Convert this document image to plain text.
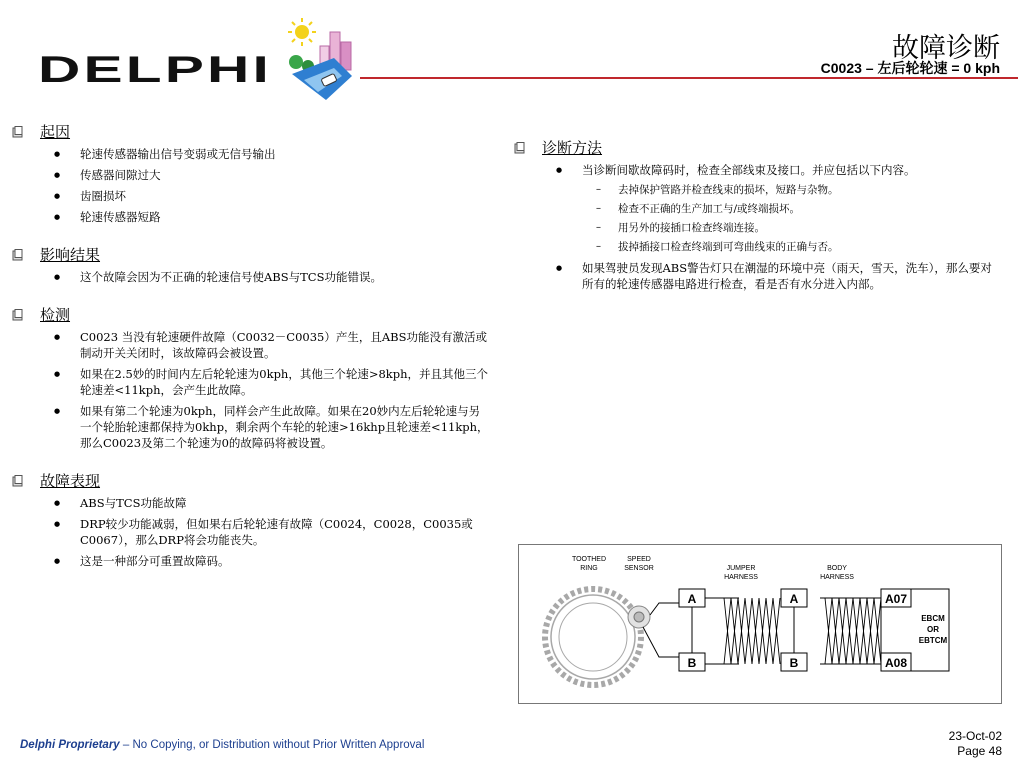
DELPHI
故障诊断
C0023 – 左后轮轮速 = 0 kph
起因
● 轮速传感器输出信号变弱或无信号输出
● 传感器间隙过大
● 齿圈损坏
● 轮速传感器短路
影响结果
● 这个故障会因为不正确的轮速信号使ABS与TCS功能错误。
检测
● C0023 当没有轮速硬件故障（C0032－C0035）产生，且ABS功能没有激活或制动开关关闭时，该故障码会被设置。
● 如果在2.5妙的时间内左后轮轮速为0kph，其他三个轮速>8kph，并且其他三个轮速差<11kph，会产生此故障。
● 如果有第二个轮速为0kph，同样会产生此故障。如果在20妙内左后轮轮速与另一个轮胎轮速都保持为0khp，剩余两个车轮的轮速>16khp且轮速差<11kph，那么C0023及第二个轮速为0的故障码将被设置。
故障表现
● ABS与TCS功能故障
● DRP较少功能减弱，但如果右后轮轮速有故障（C0024，C0028，C0035或C0067），那么DRP将会功能丧失。
● 这是一种部分可重置故障码。
诊断方法
● 当诊断间歇故障码时，检查全部线束及接口。并应包括以下内容。
– 去掉保护管路并检查线束的损坏，短路与杂物。
– 检查不正确的生产加工与/或终端损坏。
– 用另外的接插口检查终端连接。
– 拔掉插接口检查终端到可弯曲线束的正确与否。
● 如果驾驶员发现ABS警告灯只在潮湿的环境中亮（雨天，雪天，洗车），那么要对所有的轮速传感器电路进行检查，看是否有水分进入内部。
TOOTHED
RING
SPEED
SENSOR	JUMPER
HARNESS
BODY
HARNESS
A
B
A
B
A07
A08
EBCM
OR
EBTCM
Delphi Proprietary – No Copying, or Distribution without Prior Written Approval
23-Oct-02
Page 48
